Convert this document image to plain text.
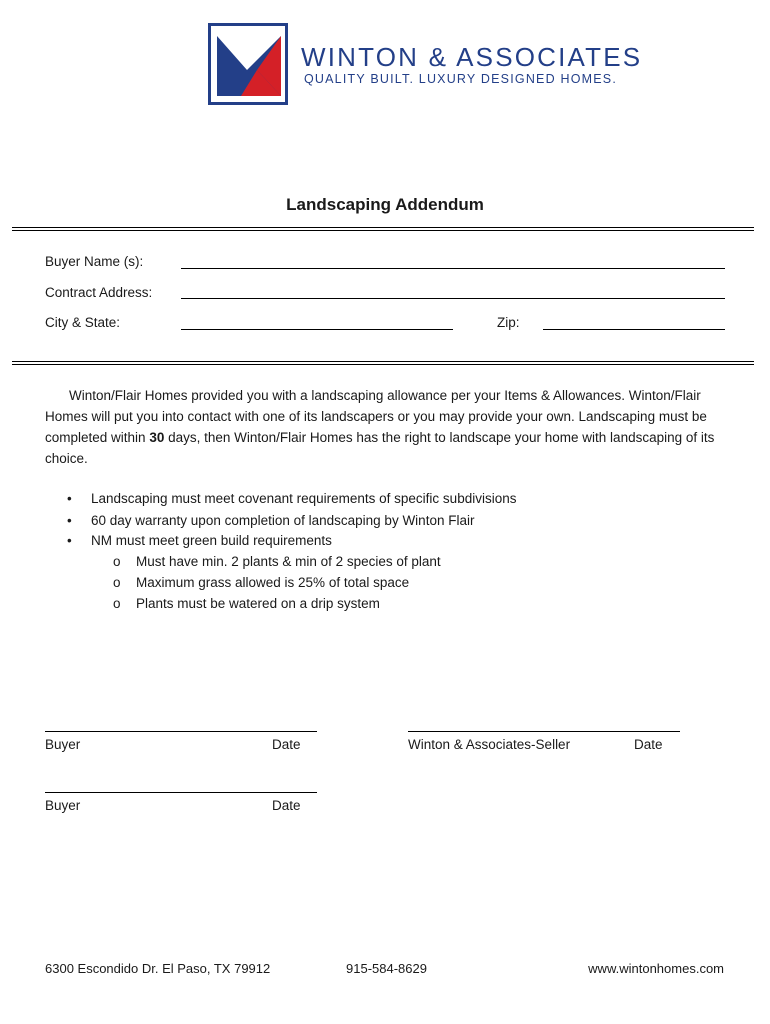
WINTON & ASSOCIATES
QUALITY BUILT. LUXURY DESIGNED HOMES.
Landscaping Addendum
Buyer Name (s):
Contract Address:
City & State:	Zip:
Winton/Flair Homes provided you with a landscaping allowance per your Items & Allowances. Winton/Flair Homes will put you into contact with one of its landscapers or you may provide your own. Landscaping must be completed within 30 days, then Winton/Flair Homes has the right to landscape your home with landscaping of its choice.
• Landscaping must meet covenant requirements of specific subdivisions
• 60 day warranty upon completion of landscaping by Winton Flair
• NM must meet green build requirements
o Must have min. 2 plants & min of 2 species of plant
o Maximum grass allowed is 25% of total space
o Plants must be watered on a drip system
Buyer	Date	Winton & Associates-Seller	Date
Buyer	Date
6300 Escondido Dr. El Paso, TX 79912	915-584-8629	www.wintonhomes.com
